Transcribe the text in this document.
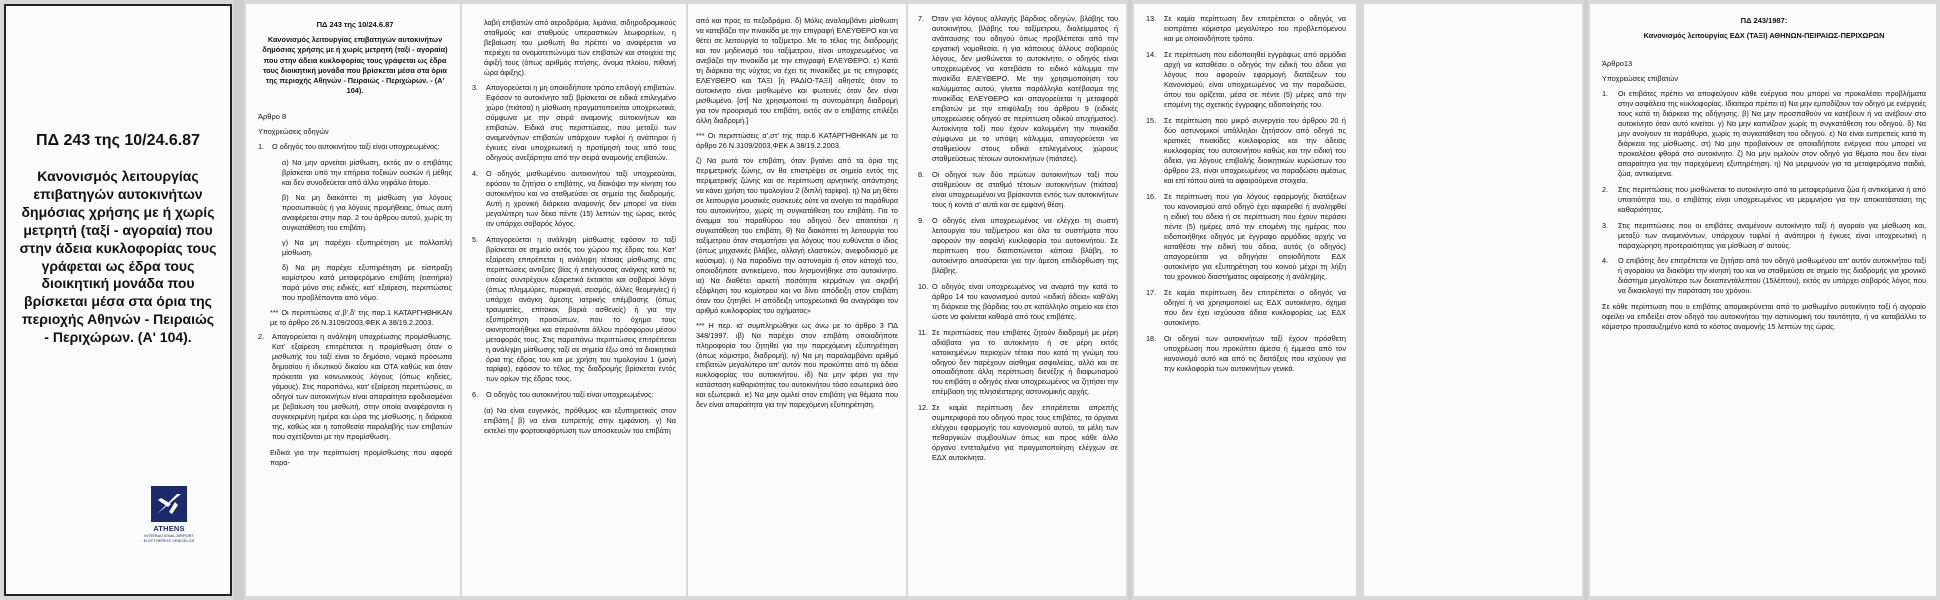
ΠΔ 243 της 10/24.6.87
Κανονισμός λειτουργίας επιβατηγών αυτοκινήτων δημόσιας χρήσης με ή χωρίς μετρητή (ταξί - αγοραία) που στην άδεια κυκλοφορίας τους γράφεται ως έδρα τους διοικητική μονάδα που βρίσκεται μέσα στα όρια της περιοχής Αθηνών - Πειραιώς - Περιχώρων. (Α' 104).
ATHENS
INTERNATIONAL AIRPORT ELEFTHERIOS VENIZELOS
ΠΔ 243 της 10/24.6.87
Κανονισμός λειτουργίας επιβατηγών αυτοκινήτων δημόσιας χρήσης με ή χωρίς μετρητή (ταξί - αγοραία) που στην άδεια κυκλοφορίας τους γράφεται ως έδρα τους διοικητική μονάδα που βρίσκεται μέσα στα όρια της περιοχής Αθηνών - Πειραιώς - Περιχώρων. - (Α' 104).
Άρθρο 8
Υποχρεώσεις οδηγών
1.	Ο οδηγός του αυτοκινήτου ταξί είναι υποχρεωμένος:
α) Να μην αρνείται μίσθωση, εκτός αν ο επιβάτης βρίσκεται υπό την επήρεια τοξικών ουσιών ή μέθης και δεν συνοδεύεται από άλλο νηφάλιο άτομο.
β) Να μη διακόπτει τη μίσθωση για λόγους προσωπικούς ή για λόγους προμήθειας, όπως αυτή αναφέρεται στην παρ. 2 του άρθρου αυτού, χωρίς τη συγκατάθεση του επιβάτη.
γ) Να μη παρέχει εξυπηρέτηση με πολλαπλή μίσθωση.
δ) Να μη παρέχει εξυπηρέτηση με είσπραξη κομίστρου κατά μεταφερόμενο επιβάτη (εισιτήριο) παρά μόνο στις ειδικές, κατ' εξαίρεση, περιπτώσεις που προβλέπονται από νόμο.
*** Οι περιπτώσεις α',β',δ' της παρ.1 ΚΑΤΑΡΓΗΘΗΚΑΝ με το άρθρο 26 Ν.3109/2003,ΦΕΚ Α 38/19.2.2003.
2.	Απαγορεύεται η ανάληψη υποχρέωσης προμίσθωσης. Κατ' εξαίρεση επιτρέπεται η προμίσθωση όταν ο μισθωτής του ταξί είναι το δημόσιο, νομικά πρόσωπα δημοσίου ή ιδιωτικού δικαίου και ΟΤΑ καθώς και όταν πρόκειται για κοινωνικούς λόγους (όπως κηδείες, γάμους). Στις παραπάνω, κατ' εξαίρεση περιπτώσεις, οι οδηγοί των αυτοκινήτων είναι απαραίτητο εφοδιασμένοι με βεβαίωση του μισθωτή, στην οποία αναφέρονται η συγκεκριμένη ημέρα και ώρα της μίσθωσης, η διάρκειά της, καθώς και η τοποθεσία παραλαβής των επιβατών που σχετίζονται με την προμίσθωση.
Ειδικά για την περίπτωση προμίσθωσης που αφορά παρα-
λαβή επιβατών από αεροδρόμια, λιμάνια, σιδηροδρομικούς σταθμούς και σταθμούς υπεραστικών λεωφορείων, η βεβαίωση του μισθωτή θα πρέπει να αναφέρεται να περιέχει τα ονοματεπώνυμα των επιβατών και στοιχεία της άφιξή τους (όπως αριθμός πτήσης, όνομα πλοίου, πιθανή ώρα άφιξης).
3.	Απαγορεύεται η μη οποιοδήποτε τρόπο επιλογή επιβατών. Εφόσον το αυτοκίνητο ταξί βρίσκεται σε ειδικά επιλεγμένο χώρο (πιάτσα) η μίσθωση πραγματοποιείται υποχρεωτικά, σύμφωνα με την σειρά αναμονής αυτοκινήτων και επιβατών. Ειδικά στις περιπτώσεις, που μεταξύ των αναμενόντων επιβατών υπάρχουν τυφλοί ή ανάπηροι ή έγκυες είναι υποχρεωτική η προτίμησή τους από τους οδηγούς ανεξάρτητα από την σειρά αναμονής επιβατών.
4.	Ο οδηγός μισθωμένου αυτοκινήτου ταξί υποχρεούται, εφόσον το ζητήσει ο επιβάτης, να διακόψει την κίνηση του αυτοκινήτου και να σταθμεύσει σε σημείο της διαδρομής. Αυτή η χρονική διάρκεια αναμονής δεν μπορεί να είναι μεγαλύτερη των δέκα πέντε (15) λεπτών της ώρας, εκτός αν υπάρχει σοβαρός λόγος.
5.	Απαγορεύεται η ανάληψη μίσθωσης εφόσον το ταξί βρίσκεται σε σημείο εκτός του χώρου της έδρας του. Κατ' εξαίρεση επιτρέπεται η ανάληψη τέτοιας μίσθωσης στις περιπτώσεις αντιξοες βίας ή επείγουσας ανάγκης κατά τις οποίες συντρέχουν εξαιρετικά έκτακτοι και σοβαροί λόγοι (όπως πλημμύρες, πυρκαγιά, σεισμός, άλλες θεομηνίες) ή υπάρχει ανάγκη άμεσης ιατρικής επέμβασης (όπως τραυματίες, επίτοκοι, βαριά ασθενείς) ή για την εξυπηρέτηση προσώπων, που το όχημα τους ακινητοποιήθηκε και στερούνται άλλου πρόσφορου μέσου μεταφοράς τους. Στις παραπάνω περιπτώσεις επιτρέπεται η ανάληψη μίσθωσης ταξί σε σημεία έξω από τα διοικητικά όρια της έδρας του και με χρήση του τιμολογίου 1 (μονή ταρίφα), εφόσον το τέλος της διαδρομής βρίσκεται εντός των ορίων της έδρας τους.
6.	Ο οδηγός του αυτοκινήτου ταξί είναι υποχρεωμένος:
(α) Να είναι ευγενικός, πρόθυμος και εξυπηρετικός στον επιβάτη.[ β) να είναι ευπρεπής στην εμφάνιση. γ) Να εκτελεί την φορτοεκφόρτωση των αποσκευών του επιβάτη
από και προς το πεζοδρόμιο. δ) Μόλις αναλαμβάνει μίσθωση να κατεβάζει την πινακίδα με την επιγραφή ΕΛΕΥΘΕΡΟ και να θέτει σε λειτουργία το ταξίμετρο. Με το τέλος της διαδρομής και τον μηδενισμό του ταξίμετρου, είναι υποχρεωμένος να ανεβάζει την πινακίδα με την επιγραφή ΕΛΕΥΘΕΡΟ. ε) Κατά τη διάρκεια της νύχτας να έχει τις πινακίδες με τις επιγραφές ΕΛΕΥΘΕΡΟ και ΤΑΞΙ [ή ΡΑΔΙΟ-ΤΑΞΙ] αθηστές όταν το αυτοκίνητο είναι μισθωμένο και φωτεινές όταν δεν είναι μισθωμένο. [στ] Να χρησιμοποιεί τη συντομότερη διαδρομή για τον προορισμό του επιβάτη, εκτός αν ο επιβάτης επιλέξει άλλη διαδρομή.]
*** Οι περιπτώσεις α',στ' της παρ.6 ΚΑΤΑΡΓΗΘΗΚΑΝ με το άρθρο 26 Ν.3109/2003,ΦΕΚ Α 38/19.2.2003.
ζ) Να ρωτά τον επιβάτη, όταν βγαίνει από τα όρια της περιμετρικής ζώνης, αν θα επιστρέψει σε σημείο εντός της περιμετρικής ζώνης και σε περίπτωση αρνητικής απάντησης να κάνει χρήση του τιμολογίου 2 (διπλή ταρίφα). η) Να μη θέτει σε λειτουργία μουσικές συσκευές ούτε να ανοίγει τα παράθυρα του αυτοκινήτου, χωρίς τη συγκατάθεση του επιβάτη. Για το άναμμα του παραθύρου του οδηγού δεν απαιτείται η συγκατάθεση του επιβάτη. θ) Να διακόπτει τη λειτουργία του ταξίμετρου όταν σταματήσει για λόγους που ευθύνεται ο ίδιος (όπως μηχανικές βλάβες, αλλαγή ελαστικών, ανεφοδιασμό με καύσιμα). ι) Να παραδίνει την αστυνομία ή στον κάτοχό του, οποιοδήποτε αντικείμενο, που λησμονήθηκε στο αυτοκίνητο. ια) Να διαθέτει αρκετή ποσότητα κερμάτων για ακριβή εξόφληση του κομίστρου και να δίνει απόδειξη στον επιβάτη όταν του ζητηθεί. Η απόδειξη υποχρεωτικά θα αναγράφει τον αριθμό κυκλοφορίας του οχήματος»
*** Η περ. ια' συμπληρώθηκε ως άνω με το άρθρο 3 ΠΔ 348/1997. ιβ) Να παρέχει στον επιβάτη οποιαδήποτε πληροφορία του ζητηθεί για την παρεχόμενη εξυπηρέτηση (όπως κόμιστρο, διαδρομή). ιγ) Να μη παραλαμβάνει αριθμό επιβατών μεγαλύτερο απ' αυτόν που προκύπτει από τη άδεια κυκλοφορίας του αυτοκινήτου. ιδ) Να μην φέρει για την κατάσταση καθαριότητας του αυτοκινήτου τόσο εσωτερικά όσο και εξωτερικά. ιε) Να μην ομιλεί στον επιβάτη για θέματα που δεν είναι απαραίτητα για την παρεχόμενη εξυπηρέτηση.
7.	Όταν για λόγους αλλαγής βάρδιας οδηγών, βλάβης του αυτοκινήτου, βλάβης του ταξίμετρου, διαλείμματος ή ανάπαυσης του οδηγού όπως προβλέπεται από την εργατική νομοθεσία, ή για κάποιους άλλους σοβαρούς λόγους, δεν μισθώνεται το αυτοκίνητο, ο οδηγός είναι υποχρεωμένος να κατεβάσει το ειδικό κάλυμμα την πινακίδα ΕΛΕΥΘΕΡΟ. Με την χρησιμοποίηση του καλύμματος αυτού, γίνεται παράλληλα κατέβασμα της πινακίδας ΕΛΕΥΘΕΡΟ και απαγορεύεται η μεταφορά επιβατών με την επιφύλαξη του άρθρου 9 (ειδικές υποχρεώσεις οδηγού σε περίπτωση οδικού ατυχήματος). Αυτοκίνητα ταξί που έχουν καλυμμένη την πινακίδα σύμφωνα με το υπόψη κάλυμμα, απαγορεύεται να σταθμεύουν στους ειδικά επιλεγμένους χώρους σταθμεύσεως τέτοιων αυτοκινήτων (πιάτσες).
8.	Οι οδηγοί των δύο πρώτων αυτοκινήτων ταξί που σταθμεύουν σε σταθμό τέτοιων αυτοκινήτων (πιάτσα) είναι υποχρεωμένοι να βρίσκονται εντός των αυτοκινήτων τους ή κοντά σ' αυτά και σε εμφανή θέση.
9.	Ο οδηγός είναι υποχρεωμένος να ελέγχει τη σωστή λειτουργία του ταξίμετρου και όλα τα συστήματα που αφορούν την ασφαλή κυκλοφορία του αυτοκινήτου. Σε περίπτωση που διαπιστώνεται κάποια βλάβη, το αυτοκίνητο αποσύρεται για την άμεση επιδιόρθωση της βλάβης.
10. Ο οδηγός είναι υποχρεωμένος να αναρτά την κατά το άρθρο 14 του κανονισμού αυτού «ειδική άδεια» καθ'όλη τη διάρκεια της βάρδιας του σε κατάλληλο σημείο και έτσι ώστε να φαίνεται καθαρά από τους επιβάτες.
11. Σε περιπτώσεις που επιβάτες ζητούν διαδρομή με μέρη αδιάβατα για το αυτοκίνητο ή σε μέρη εκτός κατοικημένων περιοχών τέτοια που κατά τη γνώμη του οδηγού δεν παρέχουν αίσθημα ασφαλείας, αλλά και σε οποιαδήποτε άλλη περίπτωση διενέξης ή διαφωτισμού του επιβάτη ο οδηγός είναι υποχρεωμένος να ζητήσει την επέμβαση της πλησιέστερης αστυνομικής αρχής.
12. Σε καμία περίπτωση δεν επιτρέπεται απρεπής συμπεριφορά του οδηγού προς τους επιβάτες, τα όργανα ελέγχου εφαρμογής του κανονισμού αυτού, τα μέλη των πεθαργικών συμβουλίων όπως και προς κάθε άλλο όργανο εντεταλμένο για πραγματοποίηση ελέγχων σε ΕΔΧ αυτοκίνητα.
13.	Σε καμία περίπτωση δεν επιτρέπεται ο οδηγός να εισπράττει κόμιστρο μεγαλύτερο του προβλεπόμενου και με οποιονδήποτε τρόπο.
14.	Σε περίπτωση που ειδοποιηθεί εγγράφως από αρμόδια αρχή να καταθέσει ο οδηγός την ειδική του άδεια για λόγους που αφορούν εφαρμογή διατάξεων του Κανονισμού, είναι υποχρεωμένος να την παραδώσει, όπου του ορίζεται, μέσα σε πέντε (5) μέρες από την επομένη της σχετικής έγγραφης ειδοποίησής του.
15.	Σε περίπτωση που μικρό συνεργείο του άρθρου 20 ή δύο αστυνομικοί υπάλληλοι ζητήσουν από οδηγό τις κρατικές πινακίδες κυκλοφορίας και την άδειας κυκλοφορίας του αυτοκινήτου καθώς και την ειδική του άδεια, για λόγους επιβολής διοικητικών κυρώσεων του άρθρου 23, είναι υποχρεωμένος να παραδώσει αμέσως και επί τόπου αυτά τα αφαιρούμενα στοιχεία.
16.	Σε περίπτωση που για λόγους εφαρμογής διατάξεων του κανονισμού από οδηγό έχει αφαιρεθεί ή αναληφθεί η ειδική του άδεια ή σε περίπτωση που έχουν περάσει πέντε (5) ημέρες από την επομένη της ημέρας που ειδοποιήθηκε οδηγός με έγγραφο αρμόδιας αρχής να καταθέσει την ειδική του άδεια, αυτός (ο οδηγός) απαγορεύεται να οδηγήσει οποιοδήποτε ΕΔΧ αυτοκίνητο για εξυπηρέτηση του κοινού μέχρι τη λήξη του χρονικού διαστήματος αφαίρεσης ή ανάληψης.
17.	Σε καμία περίπτωση δεν επιτρέπεται ο οδηγός να οδηγεί ή να χρησιμοποιεί ως ΕΔΧ αυτοκίνητο, όχημα που δεν έχει ισχύουσα άδεια κυκλοφορίας ως ΕΔΧ αυτοκίνητο.
18.	Οι οδηγοί των αυτοκινήτων ταξί έχουν πρόσθετη υποχρέωση που προκύπτει άμεσα ή έμμεσα από τον κανονισμό αυτό και από τις διατάξεις που ισχύουν για την κυκλοφορία των αυτοκινήτων γενικά.
ΠΔ 243/1987:
Κανονισμός λειτουργίας ΕΔΧ (ΤΑΞΙ) ΑΘΗΝΩΝ-ΠΕΙΡΑΙΩΣ-ΠΕΡΙΧΩΡΩΝ
Άρθρο13
Υποχρεώσεις επιβατών
1.	Οι επιβάτες πρέπει να αποφεύγουν κάθε ενέργεια που μπορεί να προκαλέσει προβλήματα στην ασφάλεια της κυκλοφορίας. Ιδιαίτερα πρέπει α) Να μην εμποδίζουν τον οδηγό με ενέργειές τους κατά τη διάρκεια της οδήγησης. β) Να μην προσπαθούν να κατέβουν ή να ανέβουν στο αυτοκίνητο όταν αυτό κινείται. γ) Να μην καπνίζουν χωρίς τη συγκατάθεση του οδηγού. δ) Να μην ανοίγουν τα παράθυρα, χωρίς τη συγκατάθεση του οδηγού. ε) Να είναι ευπρεπείς κατά τη διάρκεια της μίσθωσης. στ) Να μην προβαίνουν σε οποιαδήποτε ενέργεια που μπορεί να προκαλέσει φθορά στο αυτοκίνητο. ζ) Να μην ομιλούν στον οδηγό για θέματα που δεν είναι απαραίτητα για την παρεχόμενη εξυπηρέτηση. η) Να μεριμνούν για τα μεταφερόμενα παιδιά, ζώα, αντικείμενα.
2.	Στις περιπτώσεις που μισθώνεται το αυτοκίνητο από τα μεταφερόμενα ζώα ή αντικείμενα ή από υπαιτιότητα του, ο επιβάτης είναι υποχρεωμένος να μεριμνήσει για την αποκατάσταση της καθαριότητας.
3.	Στις περιπτώσεις που οι επιβάτες αναμένουν αυτοκίνητο ταξί ή αγοραίο για μίσθωση και, μεταξύ των αναμενόντων, υπάρχουν τυφλοί ή ανάπηροι ή έγκυες είναι υποχρεωτική η παραχώρηση προτεραιότητας για μίσθωση σ' αυτούς.
4.	Ο επιβάτης δεν επιτρέπεται να ζητήσει από τον οδηγό μισθωμένου απ' αυτόν αυτοκινήτου ταξί ή αγοραίου να διακόψει την κίνησή του και να σταθμεύσει σε σημείο της διαδρομής για χρονικό διάστημα μεγαλύτερο των δεκαπεντάλεπτου (15λέπτου), εκτός αν υπάρχει σοβαρός λόγος που να δικαιολογεί την παράταση του χρόνου.
Σε κάθε περίπτωση που ο επιβάτης απομακρύνεται από το μισθωμένο αυτοκίνητο ταξί ή αγοραίο οφείλει να επιδείξει στον οδηγό του αυτοκινήτου την αστυνομική του ταυτότητα, ή να καταβάλλει το κόμιστρο προσαυξημένο κατά το κόστος αναμονής 15 λεπτών της ώρας.
